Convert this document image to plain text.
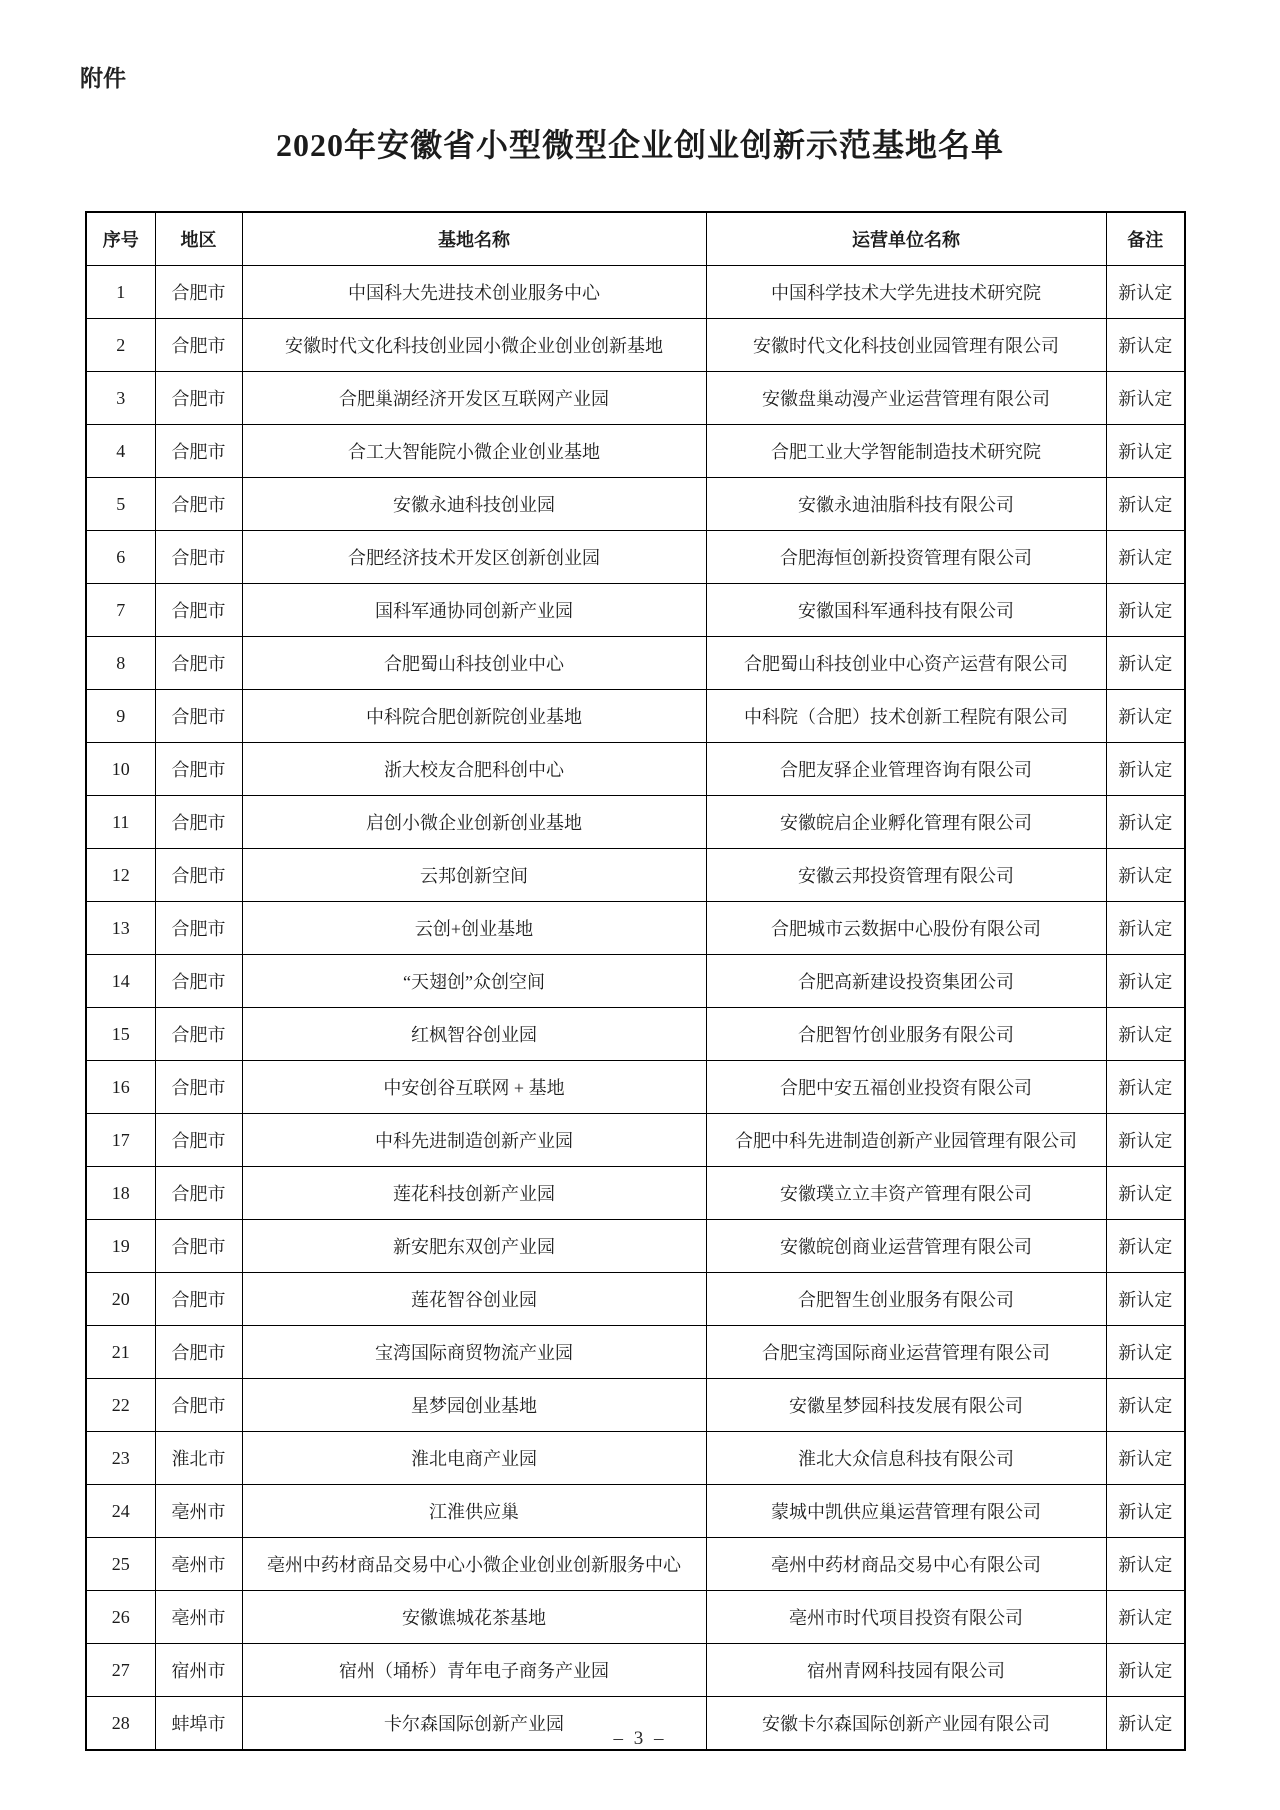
附件
2020年安徽省小型微型企业创业创新示范基地名单
序号	地区	基地名称	运营单位名称	备注
1	合肥市	中国科大先进技术创业服务中心	中国科学技术大学先进技术研究院	新认定
2	合肥市	安徽时代文化科技创业园小微企业创业创新基地	安徽时代文化科技创业园管理有限公司	新认定
3	合肥市	合肥巢湖经济开发区互联网产业园	安徽盘巢动漫产业运营管理有限公司	新认定
4	合肥市	合工大智能院小微企业创业基地	合肥工业大学智能制造技术研究院	新认定
5	合肥市	安徽永迪科技创业园	安徽永迪油脂科技有限公司	新认定
6	合肥市	合肥经济技术开发区创新创业园	合肥海恒创新投资管理有限公司	新认定
7	合肥市	国科军通协同创新产业园	安徽国科军通科技有限公司	新认定
8	合肥市	合肥蜀山科技创业中心	合肥蜀山科技创业中心资产运营有限公司	新认定
9	合肥市	中科院合肥创新院创业基地	中科院（合肥）技术创新工程院有限公司	新认定
10	合肥市	浙大校友合肥科创中心	合肥友驿企业管理咨询有限公司	新认定
11	合肥市	启创小微企业创新创业基地	安徽皖启企业孵化管理有限公司	新认定
12	合肥市	云邦创新空间	安徽云邦投资管理有限公司	新认定
13	合肥市	云创+创业基地	合肥城市云数据中心股份有限公司	新认定
14	合肥市	“天翅创”众创空间	合肥高新建设投资集团公司	新认定
15	合肥市	红枫智谷创业园	合肥智竹创业服务有限公司	新认定
16	合肥市	中安创谷互联网 + 基地	合肥中安五福创业投资有限公司	新认定
17	合肥市	中科先进制造创新产业园	合肥中科先进制造创新产业园管理有限公司	新认定
18	合肥市	莲花科技创新产业园	安徽璞立立丰资产管理有限公司	新认定
19	合肥市	新安肥东双创产业园	安徽皖创商业运营管理有限公司	新认定
20	合肥市	莲花智谷创业园	合肥智生创业服务有限公司	新认定
21	合肥市	宝湾国际商贸物流产业园	合肥宝湾国际商业运营管理有限公司	新认定
22	合肥市	星梦园创业基地	安徽星梦园科技发展有限公司	新认定
23	淮北市	淮北电商产业园	淮北大众信息科技有限公司	新认定
24	亳州市	江淮供应巢	蒙城中凯供应巢运营管理有限公司	新认定
25	亳州市	亳州中药材商品交易中心小微企业创业创新服务中心	亳州中药材商品交易中心有限公司	新认定
26	亳州市	安徽谯城花茶基地	亳州市时代项目投资有限公司	新认定
27	宿州市	宿州（埇桥）青年电子商务产业园	宿州青网科技园有限公司	新认定
28	蚌埠市	卡尔森国际创新产业园	安徽卡尔森国际创新产业园有限公司	新认定
– 3 –
